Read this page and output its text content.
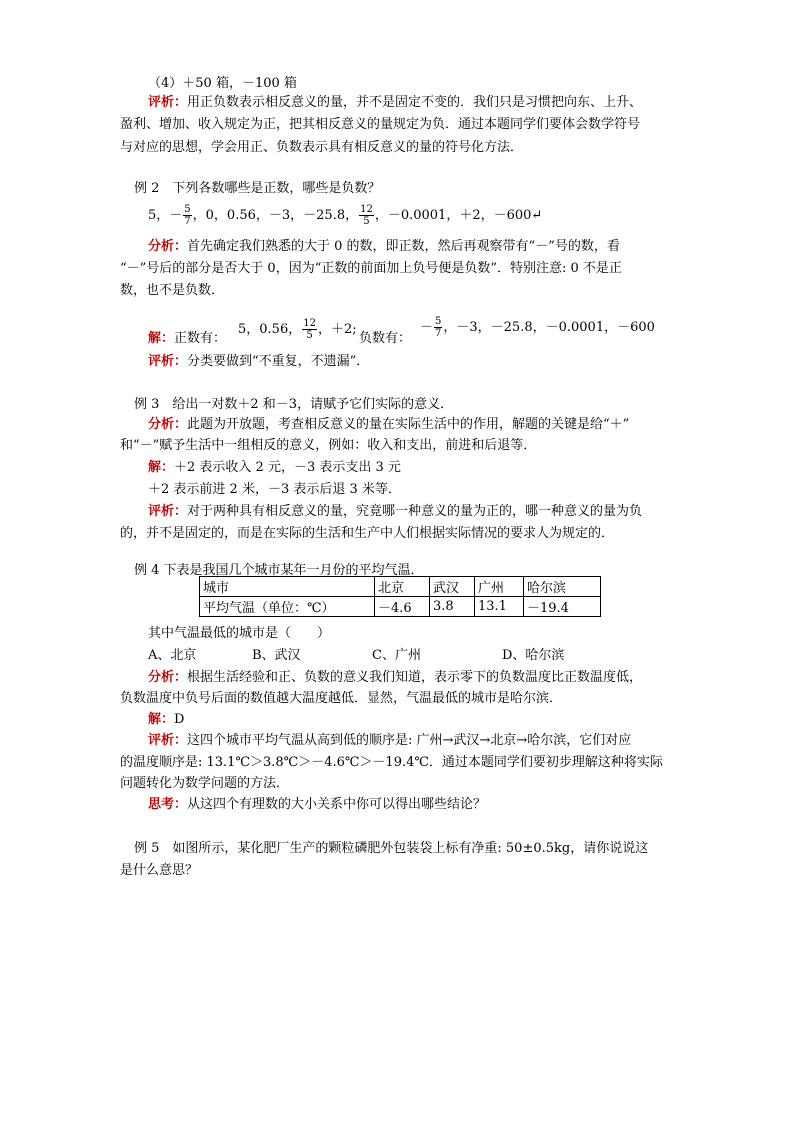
（4）＋50 箱，－100 箱
评析：用正负数表示相反意义的量，并不是固定不变的．我们只是习惯把向东、上升、
盈利、增加、收入规定为正，把其相反意义的量规定为负．通过本题同学们要体会数学符号
与对应的思想，学会用正、负数表示具有相反意义的量的符号化方法．
例 2　下列各数哪些是正数，哪些是负数？
5，－ $\frac{5}{7}$ ，0，0.56，－3，－25.8， $\frac{12}{5}$ ，－0.0001，＋2，－600↵
分析：首先确定我们熟悉的大于 0 的数，即正数，然后再观察带有“－”号的数，看
“－”号后的部分是否大于 0，因为“正数的前面加上负号便是负数”．特别注意: 0 不是正
数，也不是负数．
解：正数有：
5，0.56， $\frac{12}{5}$ ，＋2;
负数有：
－ $\frac{5}{7}$ ，－3，－25.8，－0.0001，－600
评析：分类要做到“不重复，不遗漏”．
例 3　给出一对数＋2 和－3，请赋予它们实际的意义．
分析：此题为开放题，考查相反意义的量在实际生活中的作用，解题的关键是给“＋”
和“－”赋予生活中一组相反的意义，例如：收入和支出，前进和后退等．
解：＋2 表示收入 2 元，－3 表示支出 3 元
＋2 表示前进 2 米，－3 表示后退 3 米等．
评析：对于两种具有相反意义的量，究竟哪一种意义的量为正的，哪一种意义的量为负
的，并不是固定的，而是在实际的生活和生产中人们根据实际情况的要求人为规定的．
例 4 下表是我国几个城市某年一月份的平均气温．
城市	北京	武汉	广州	哈尔滨
平均气温（单位：℃）	－4.6	3.8	13.1	－19.4
其中气温最低的城市是（　　）
A、北京	B、武汉	C、广州	D、哈尔滨
分析：根据生活经验和正、负数的意义我们知道，表示零下的负数温度比正数温度低，
负数温度中负号后面的数值越大温度越低．显然，气温最低的城市是哈尔滨．
解：D
评析：这四个城市平均气温从高到低的顺序是: 广州→武汉→北京→哈尔滨，它们对应
的温度顺序是: 13.1℃＞3.8℃＞－4.6℃＞－19.4℃．通过本题同学们要初步理解这种将实际
问题转化为数学问题的方法．
思考：从这四个有理数的大小关系中你可以得出哪些结论？
例 5　如图所示，某化肥厂生产的颗粒磷肥外包装袋上标有净重: 50±0.5kg，请你说说这
是什么意思？
